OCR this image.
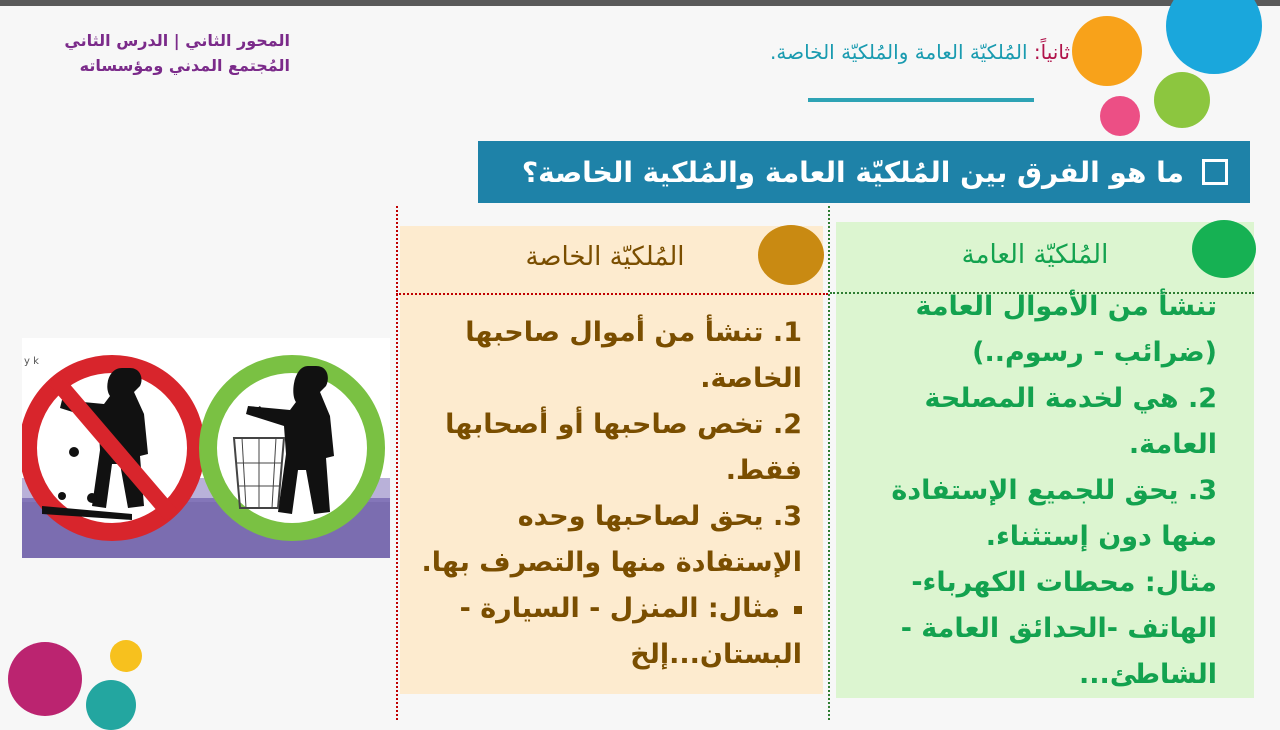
المحور الثاني | الدرس الثاني
المُجتمع المدني ومؤسساته
ثانياً: المُلكيّة العامة والمُلكيّة الخاصة.
ما هو الفرق بين المُلكيّة العامة والمُلكية الخاصة؟
المُلكيّة الخاصة	المُلكيّة العامة

1. تنشأ من أموال صاحبها الخاصة.

2. تخص صاحبها أو أصحابها فقط.

3. يحق لصاحبها وحده الإستفادة منها والتصرف بها.

مثال: المنزل - السيارة - البستان...إلخ

تنشأ من الأموال العامة (ضرائب - رسوم..)

2. هي لخدمة المصلحة العامة.

3. يحق للجميع الإستفادة منها دون إستثناء.

مثال: محطات الكهرباء- الهاتف -الحدائق العامة - الشاطئ...

y k
